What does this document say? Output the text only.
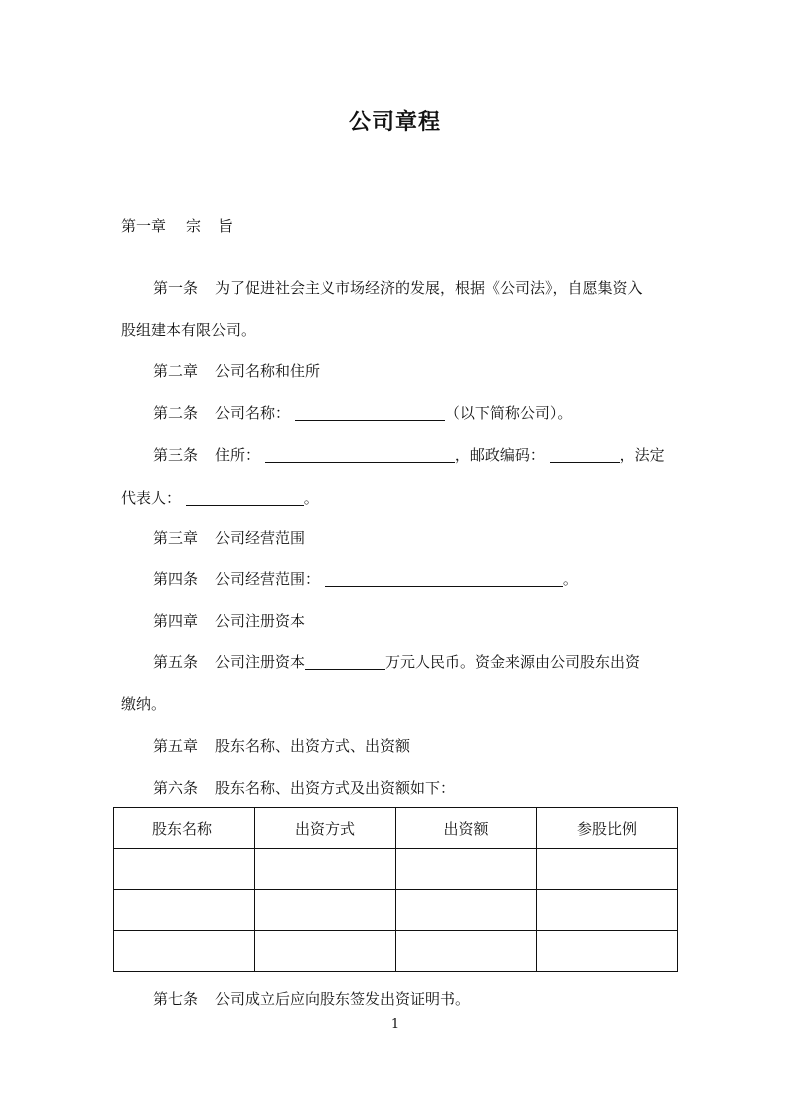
公司章程
第一章 宗 旨
第一条 为了促进社会主义市场经济的发展，根据《公司法》，自愿集资入
股组建本有限公司。
第二章 公司名称和住所
第二条 公司名称：	（以下简称公司）。
第三条 住所：	，邮政编码：	，法定
代表人：	。
第三章 公司经营范围
第四条 公司经营范围：	。
第四章 公司注册资本
第五条 公司注册资本	万元人民币。资金来源由公司股东出资
缴纳。
第五章 股东名称、出资方式、出资额
第六条 股东名称、出资方式及出资额如下：
股东名称	出资方式	出资额	参股比例

第七条 公司成立后应向股东签发出资证明书。
1
